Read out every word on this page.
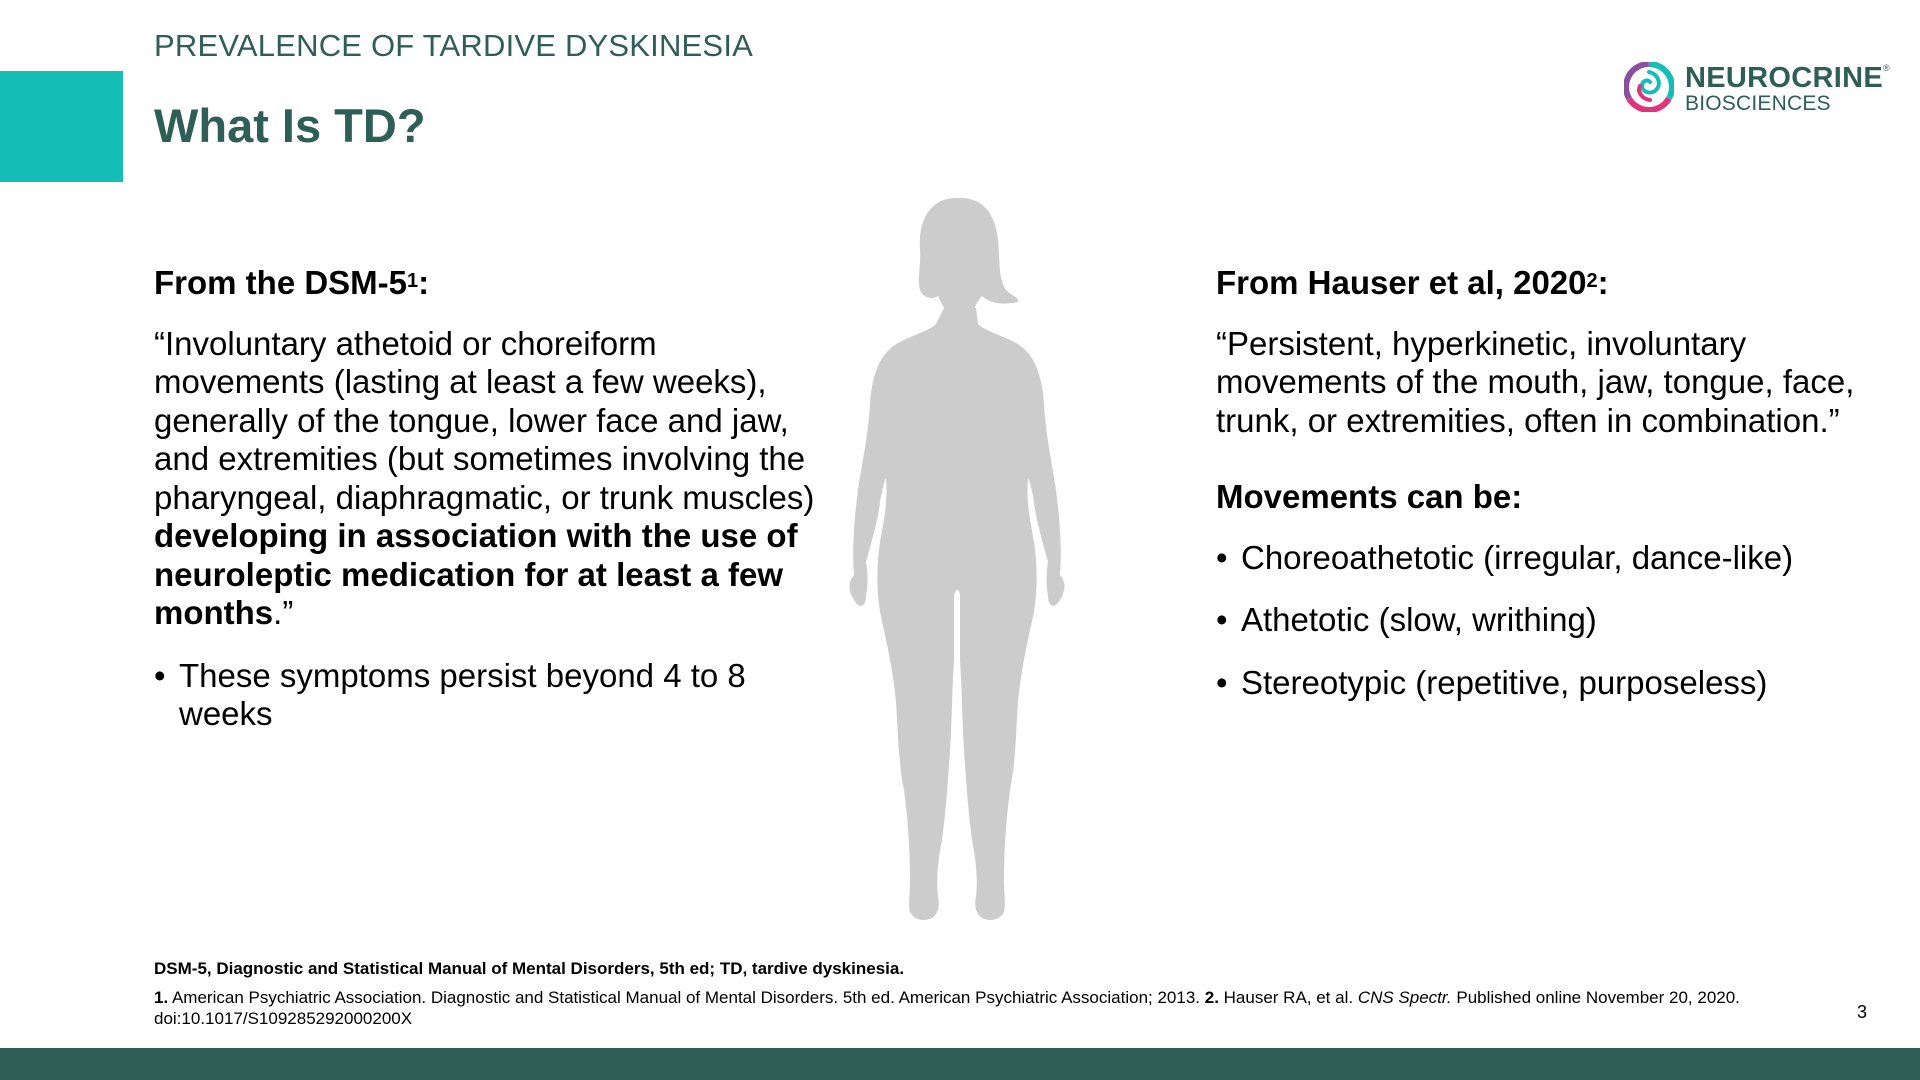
PREVALENCE OF TARDIVE DYSKINESIA
What Is TD?
NEUROCRINE®
BIOSCIENCES

From the DSM-$5^1$:

“Involuntary athetoid or choreiform movements (lasting at least a few weeks), generally of the tongue, lower face and jaw, and extremities (but sometimes involving the pharyngeal, diaphragmatic, or trunk muscles) developing in association with the use of neuroleptic medication for at least a few months.”

• These symptoms persist beyond 4 to 8 weeks

From Hauser et al, 2020$^2$:

“Persistent, hyperkinetic, involuntary movements of the mouth, jaw, tongue, face, trunk, or extremities, often in combination.”

Movements can be:

• Choreoathetotic (irregular, dance-like)
• Athetotic (slow, writhing)
• Stereotypic (repetitive, purposeless)

DSM-5, Diagnostic and Statistical Manual of Mental Disorders, 5th ed; TD, tardive dyskinesia.

1. American Psychiatric Association. Diagnostic and Statistical Manual of Mental Disorders. 5th ed. American Psychiatric Association; 2013. 2. Hauser RA, et al. CNS Spectr. Published online November 20, 2020. doi:10.1017/S109285292000200X	3
